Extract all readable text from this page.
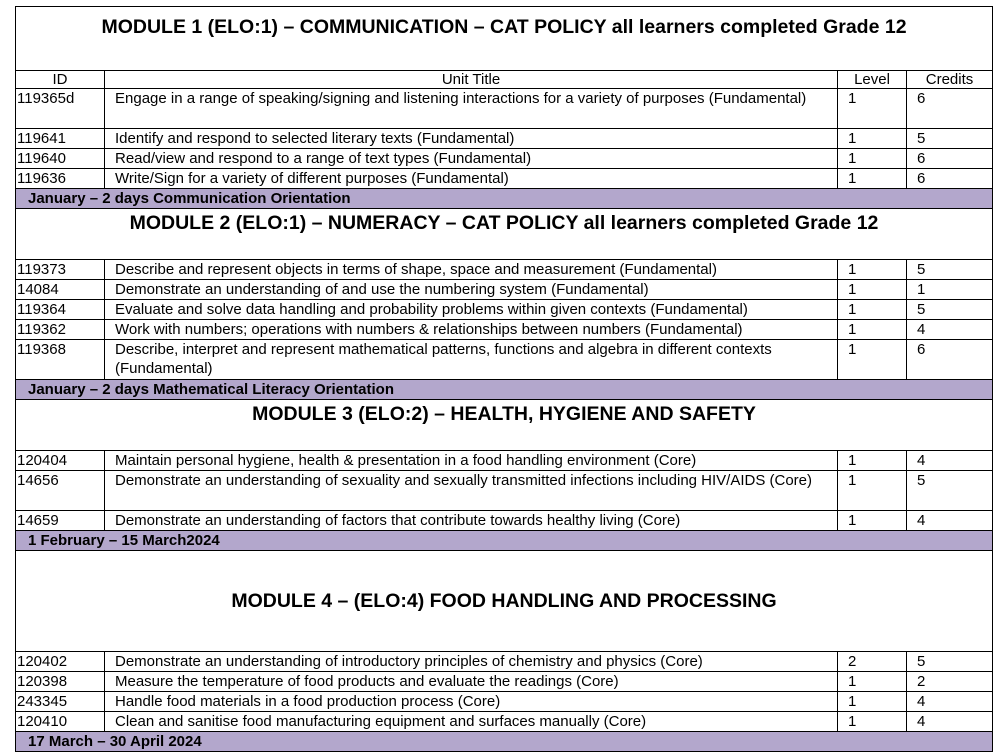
MODULE 1 (ELO:1) – COMMUNICATION – CAT POLICY all learners completed Grade 12			
ID	Unit Title	Level	Credits
119365d	Engage in a range of speaking/signing and listening interactions for a variety of purposes (Fundamental)	1	6
119641	Identify and respond to selected literary texts (Fundamental)	1	5
119640	Read/view and respond to a range of text types (Fundamental)	1	6
119636	Write/Sign for a variety of different purposes (Fundamental)	1	6
January – 2 days Communication Orientation			
MODULE 2 (ELO:1) – NUMERACY – CAT POLICY all learners completed Grade 12			
119373	Describe and represent objects in terms of shape, space and measurement (Fundamental)	1	5
14084	Demonstrate an understanding of and use the numbering system (Fundamental)	1	1
119364	Evaluate and solve data handling and probability problems within given contexts (Fundamental)	1	5
119362	Work with numbers; operations with numbers & relationships between numbers (Fundamental)	1	4
119368	Describe, interpret and represent mathematical patterns, functions and algebra in different contexts (Fundamental)	1	6
January – 2 days Mathematical Literacy Orientation			
MODULE 3 (ELO:2) – HEALTH, HYGIENE AND SAFETY			
120404	Maintain personal hygiene, health & presentation in a food handling environment (Core)	1	4
14656	Demonstrate an understanding of sexuality and sexually transmitted infections including HIV/AIDS (Core)	1	5
14659	Demonstrate an understanding of factors that contribute towards healthy living (Core)	1	4
1 February – 15 March2024			
MODULE 4 – (ELO:4) FOOD HANDLING AND PROCESSING			
120402	Demonstrate an understanding of introductory principles of chemistry and physics (Core)	2	5
120398	Measure the temperature of food products and evaluate the readings (Core)	1	2
243345	Handle food materials in a food production process (Core)	1	4
120410	Clean and sanitise food manufacturing equipment and surfaces manually (Core)	1	4
17 March – 30 April 2024			
